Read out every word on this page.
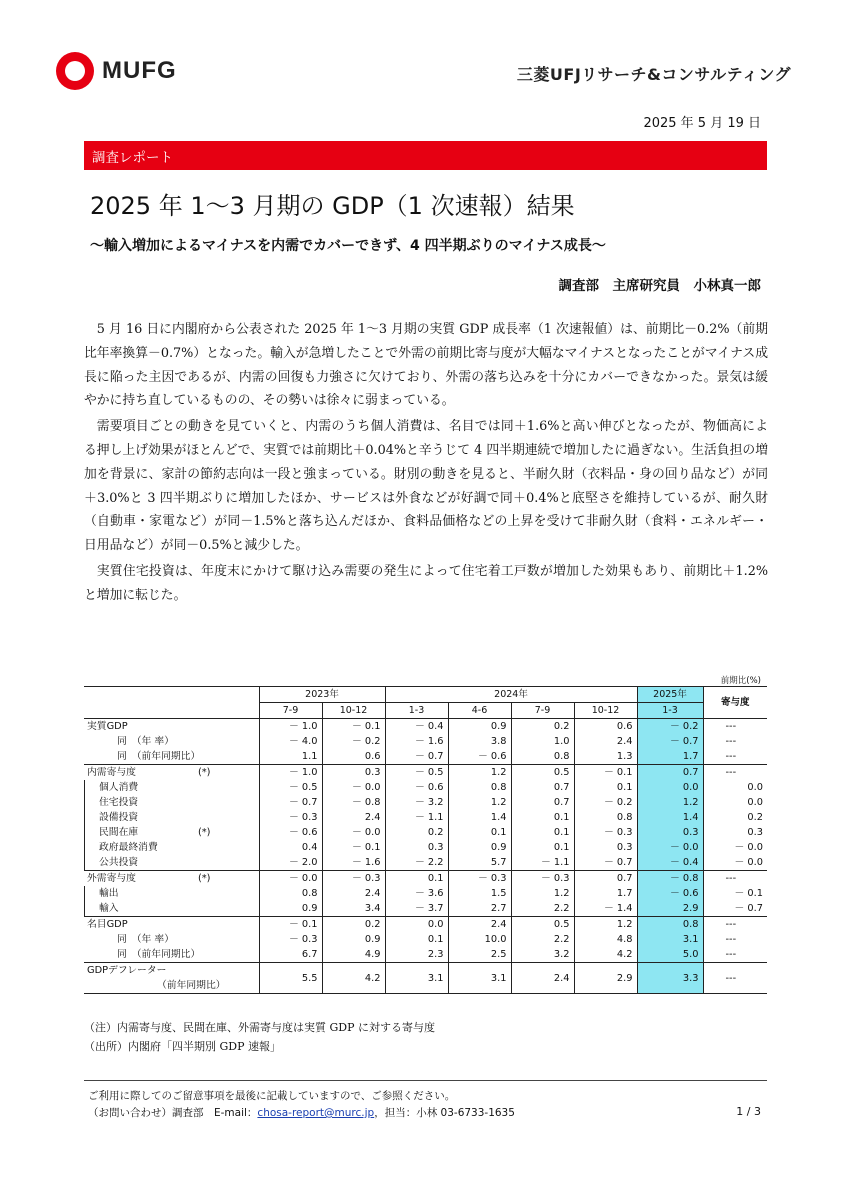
MUFG	三菱UFJリサーチ&コンサルティング
2025 年 5 月 19 日
調査レポート
2025 年 1〜3 月期の GDP（1 次速報）結果
〜輸入増加によるマイナスを内需でカバーできず、4 四半期ぶりのマイナス成長〜
調査部　主席研究員　小林真一郎

5 月 16 日に内閣府から公表された 2025 年 1〜3 月期の実質 GDP 成長率（1 次速報値）は、前期比－0.2%（前期比年率換算－0.7%）となった。輸入が急増したことで外需の前期比寄与度が大幅なマイナスとなったことがマイナス成長に陥った主因であるが、内需の回復も力強さに欠けており、外需の落ち込みを十分にカバーできなかった。景気は緩やかに持ち直しているものの、その勢いは徐々に弱まっている。

需要項目ごとの動きを見ていくと、内需のうち個人消費は、名目では同＋1.6%と高い伸びとなったが、物価高による押し上げ効果がほとんどで、実質では前期比＋0.04%と辛うじて 4 四半期連続で増加したに過ぎない。生活負担の増加を背景に、家計の節約志向は一段と強まっている。財別の動きを見ると、半耐久財（衣料品・身の回り品など）が同＋3.0%と 3 四半期ぶりに増加したほか、サービスは外食などが好調で同＋0.4%と底堅さを維持しているが、耐久財（自動車・家電など）が同－1.5%と落ち込んだほか、食料品価格などの上昇を受けて非耐久財（食料・エネルギー・日用品など）が同－0.5%と減少した。

実質住宅投資は、年度末にかけて駆け込み需要の発生によって住宅着工戸数が増加した効果もあり、前期比＋1.2%と増加に転じた。

前期比(%)
	2023年		2024年				2025年	寄与度
	7-9	10-12	1-3	4-6	7-9	10-12	1-3	
実質GDP	－ 1.0	－ 0.1	－ 0.4	0.9	0.2	0.6	－ 0.2	---
同　（年 率）	－ 4.0	－ 0.2	－ 1.6	3.8	1.0	2.4	－ 0.7	---
同　（前年同期比）	1.1	0.6	－ 0.7	－ 0.6	0.8	1.3	1.7	---
内需寄与度 (*)	－ 1.0	0.3	－ 0.5	1.2	0.5	－ 0.1	0.7	---
個人消費	－ 0.5	－ 0.0	－ 0.6	0.8	0.7	0.1	0.0	0.0
住宅投資	－ 0.7	－ 0.8	－ 3.2	1.2	0.7	－ 0.2	1.2	0.0
設備投資	－ 0.3	2.4	－ 1.1	1.4	0.1	0.8	1.4	0.2
民間在庫 (*)	－ 0.6	－ 0.0	0.2	0.1	0.1	－ 0.3	0.3	0.3
政府最終消費	0.4	－ 0.1	0.3	0.9	0.1	0.3	－ 0.0	－ 0.0
公共投資	－ 2.0	－ 1.6	－ 2.2	5.7	－ 1.1	－ 0.7	－ 0.4	－ 0.0
外需寄与度 (*)	－ 0.0	－ 0.3	0.1	－ 0.3	－ 0.3	0.7	－ 0.8	---
輸出	0.8	2.4	－ 3.6	1.5	1.2	1.7	－ 0.6	－ 0.1
輸入	0.9	3.4	－ 3.7	2.7	2.2	－ 1.4	2.9	－ 0.7
名目GDP	－ 0.1	0.2	0.0	2.4	0.5	1.2	0.8	---
同　（年 率）	－ 0.3	0.9	0.1	10.0	2.2	4.8	3.1	---
同　（前年同期比）	6.7	4.9	2.3	2.5	3.2	4.2	5.0	---
GDPデフレーター
（前年同期比）	5.5	4.2	3.1	3.1	2.4	2.9	3.3	---
（注）内需寄与度、民間在庫、外需寄与度は実質 GDP に対する寄与度
（出所）内閣府「四半期別 GDP 速報」
ご利用に際してのご留意事項を最後に記載していますので、ご参照ください。
（お問い合わせ）調査部　E-mail：chosa-report@murc.jp，担当：小林 03-6733-1635	1 / 3
